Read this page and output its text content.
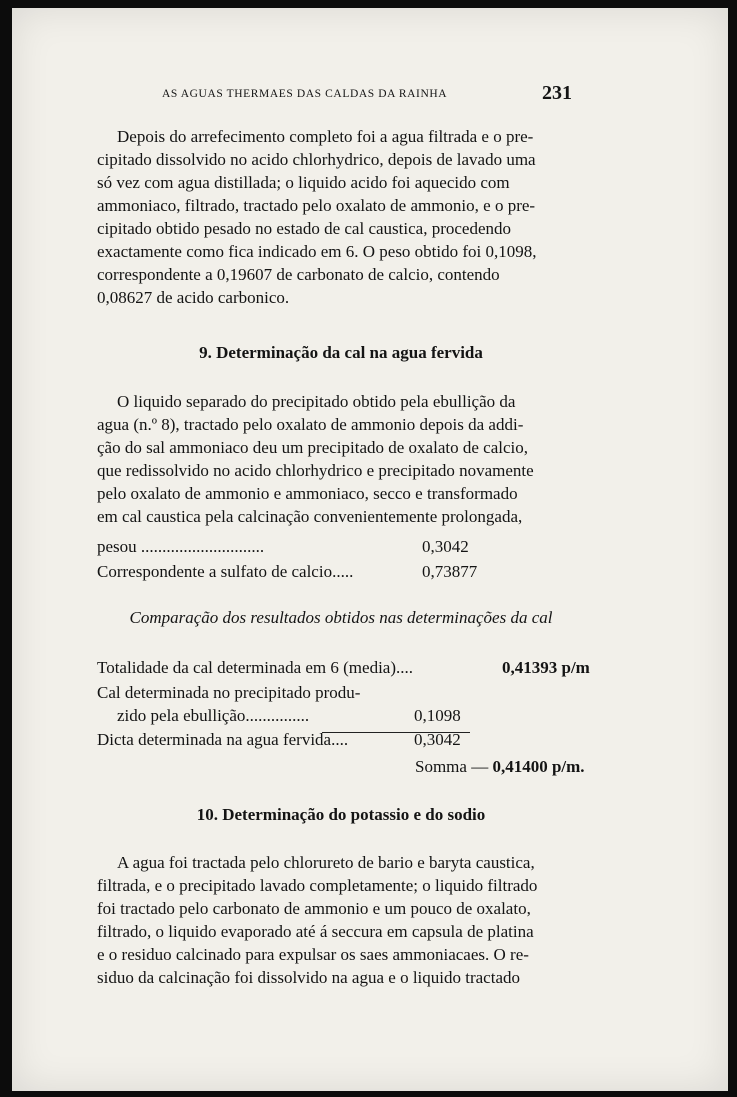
AS AGUAS THERMAES DAS CALDAS DA RAINHA	231
Depois do arrefecimento completo foi a agua filtrada e o pre-
cipitado dissolvido no acido chlorhydrico, depois de lavado uma
só vez com agua distillada; o liquido acido foi aquecido com
ammoniaco, filtrado, tractado pelo oxalato de ammonio, e o pre-
cipitado obtido pesado no estado de cal caustica, procedendo
exactamente como fica indicado em 6. O peso obtido foi 0,1098,
correspondente a 0,19607 de carbonato de calcio, contendo
0,08627 de acido carbonico.
9. Determinação da cal na agua fervida
O liquido separado do precipitado obtido pela ebullição da
agua (n.º 8), tractado pelo oxalato de ammonio depois da addi-
ção do sal ammoniaco deu um precipitado de oxalato de calcio,
que redissolvido no acido chlorhydrico e precipitado novamente
pelo oxalato de ammonio e ammoniaco, secco e transformado
em cal caustica pela calcinação convenientemente prolongada,
pesou .............................	0,3042
Correspondente a sulfato de calcio.....	0,73877
Comparação dos resultados obtidos nas determinações da cal
Totalidade da cal determinada em 6 (media)....	0,41393 p/m
Cal determinada no precipitado produ-
zido pela ebullição...............	0,1098
Dicta determinada na agua fervida....	0,3042
Somma — 0,41400 p/m.
10. Determinação do potassio e do sodio
A agua foi tractada pelo chlorureto de bario e baryta caustica,
filtrada, e o precipitado lavado completamente; o liquido filtrado
foi tractado pelo carbonato de ammonio e um pouco de oxalato,
filtrado, o liquido evaporado até á seccura em capsula de platina
e o residuo calcinado para expulsar os saes ammoniacaes. O re-
siduo da calcinação foi dissolvido na agua e o liquido tractado
